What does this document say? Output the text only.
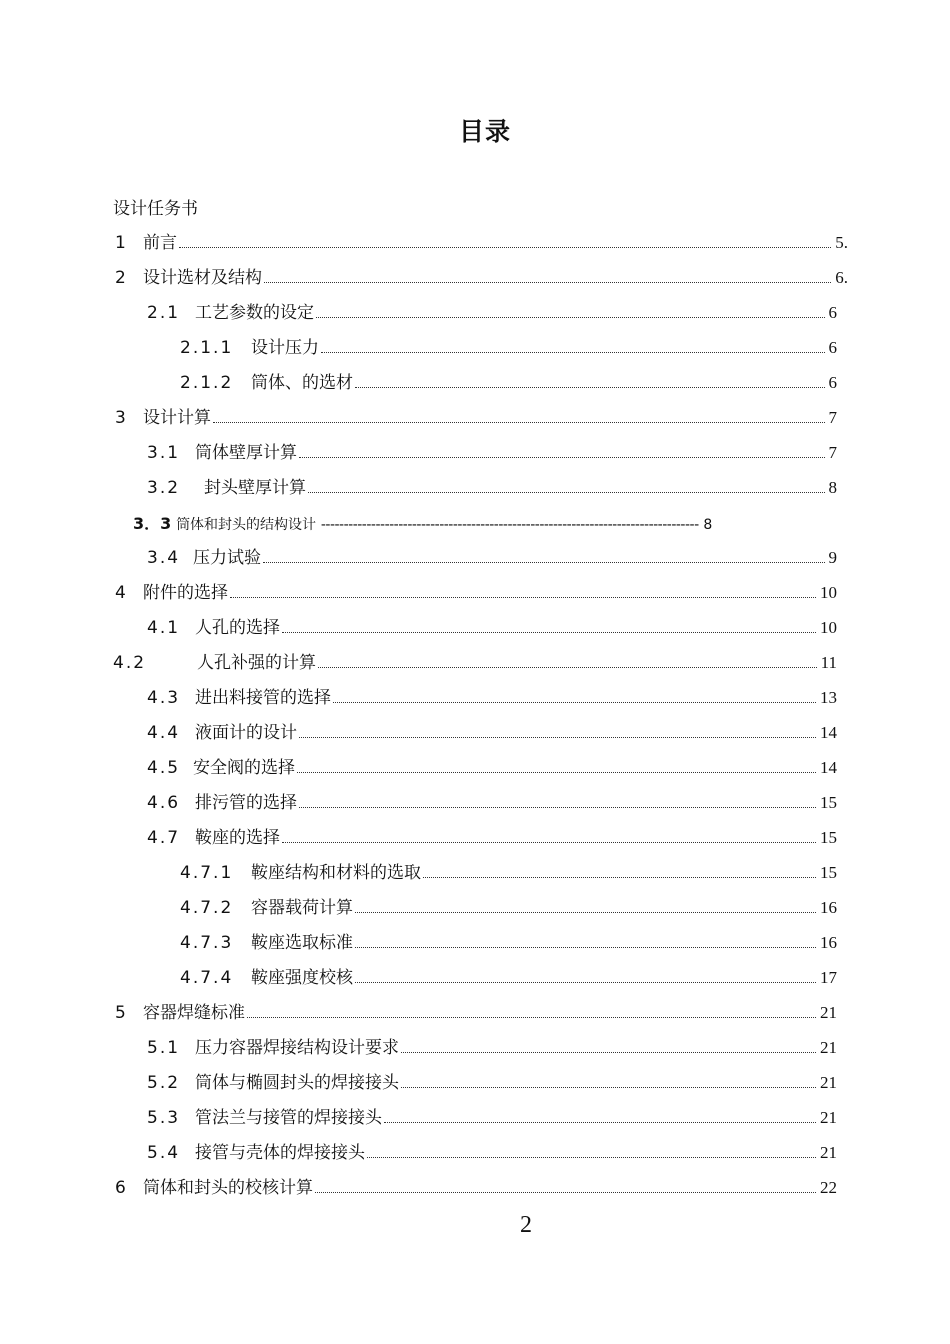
目录
设计任务书
1	前言	5.
2	设计选材及结构	6.
2.1 工艺参数的设定	6
2.1.1	设计压力	6
2.1.2	筒体、的选材	6
3	设计计算	7
3.1 筒体壁厚计算	7
3.2	封头壁厚计算	8
3．3 筒体和封头的结构设计 ----------------------------------------------------------------------------------- 8
3.4 压力试验	9
4	附件的选择	10
4.1 人孔的选择	10
4.2	人孔补强的计算	11
4.3 进出料接管的选择	13
4.4 液面计的设计	14
4.5 安全阀的选择	14
4.6 排污管的选择	15
4.7 鞍座的选择	15
4.7.1	鞍座结构和材料的选取	15
4.7.2	容器载荷计算	16
4.7.3	鞍座选取标准	16
4.7.4	鞍座强度校核	17
5	容器焊缝标准	21
5.1 压力容器焊接结构设计要求	21
5.2 筒体与椭圆封头的焊接接头	21
5.3 管法兰与接管的焊接接头	21
5.4 接管与壳体的焊接接头	21
6	筒体和封头的校核计算	22
2
